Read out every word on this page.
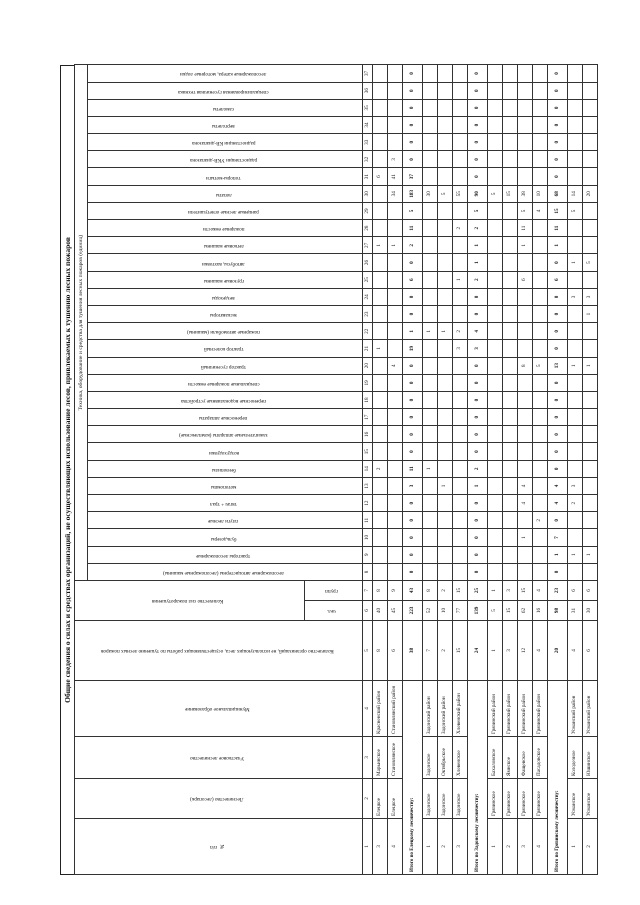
Общие сведения о силах и средствах организаций, не осуществляющих использование лесов, привлекаемых к тушению лесных пожаров
№ п/п	Лесничество (лесопарк)	Участковое лесничество	Муниципальное образование	Количество организаций, не использующих леса, осуществляющих работы по тушению лесных пожаров	Количество сил пожаротушения		Техника, оборудование и средства для тушения лесных пожаров (единиц)																													
							лесопожарные автоцистерны (лесопожарные машины)	тракторы лесопожарные	бульдозеры	плуги лесные	тягач + трал	мотопомпы	бензопилы	воздуходувки	зажигательные аппараты (комплексные)	переносные аппараты	переносные водоналивные устройства	специальные пожарные емкости	трактор гусеничный	трактор колесный	пожарные автомобили (машины)	экскаваторы	вездеходы	грузовые машины	автобусы, вахтовки	легковые машины	пожарные емкости	ранцевые лесные огнетушители	лопаты	топоры-мотыги	радиостанции УКВ-диапазона	радиостанции КВ-диапазона	вертолеты	самолеты	специализированная гусеничная техника	лесопожарные катера, моторные лодки
					чел.	групп																														
1	2	3	4	5	6	7	8	9	10	11	12	13	14	15	16	17	18	19	20	21	22	23	24	25	26	27	28	29	30	31	32	33	34	35	36	37
3	Елецкое	Марьинское	Красненский район	8	40	8							2							1						1				6						
4	Елецкое	Становлянское	Становлянский район	6	45	9													4							1			34	41	3					
Итого по Елецкому лесничеству:				38	223	43	0	0	0	0	0	3	11	0	0	0	0	0	0	19	1	0	0	6	0	2	11	5	183	37	0	0	0	0	0	0
1	Задонское	Задонское	Задонский район	7	52	8							1								1								30							
2	Задонское	Октябрьское	Задонский район	2	10	2						1									1								5							
3	Задонское	Хлевенское	Хлевенский район	15	77	15														3	2			1			2		55							
Итого по Задонскому лесничеству:				24	139	25	0	0	0	0	0	1	2	0	0	0	0	0	0	3	4	0	0	2	1	1	2	5	90	0	0	0	0	0	0	0
1	Грязинское	Бахаловское	Грязинский район	1	5	1																							5							
2	Грязинское	Ямнское	Грязинский район	3	15	3																							15							
3	Грязинское	Фащевское	Грязинский район	12	62	15			1		4	4							8					6		1	11	5	38							
4	Грязинское	Пасадовское	Грязинский район	4	16	4				2									5									4	10							
Итого по Грязинскому лесничеству:				20	98	23	0	1	7	0	4	4	0	0	0	0	0	0	13	0	0	0	0	6	0	1	11	15	68	0	0	0	0	0	0	0
1	Усманское	Колодезное	Усманский район	4	31	6		1			2	3							1				3		1			5	14							
2	Усманское	Юшинское	Усманский район	6	30	6		1											1			1	3		5				20							
